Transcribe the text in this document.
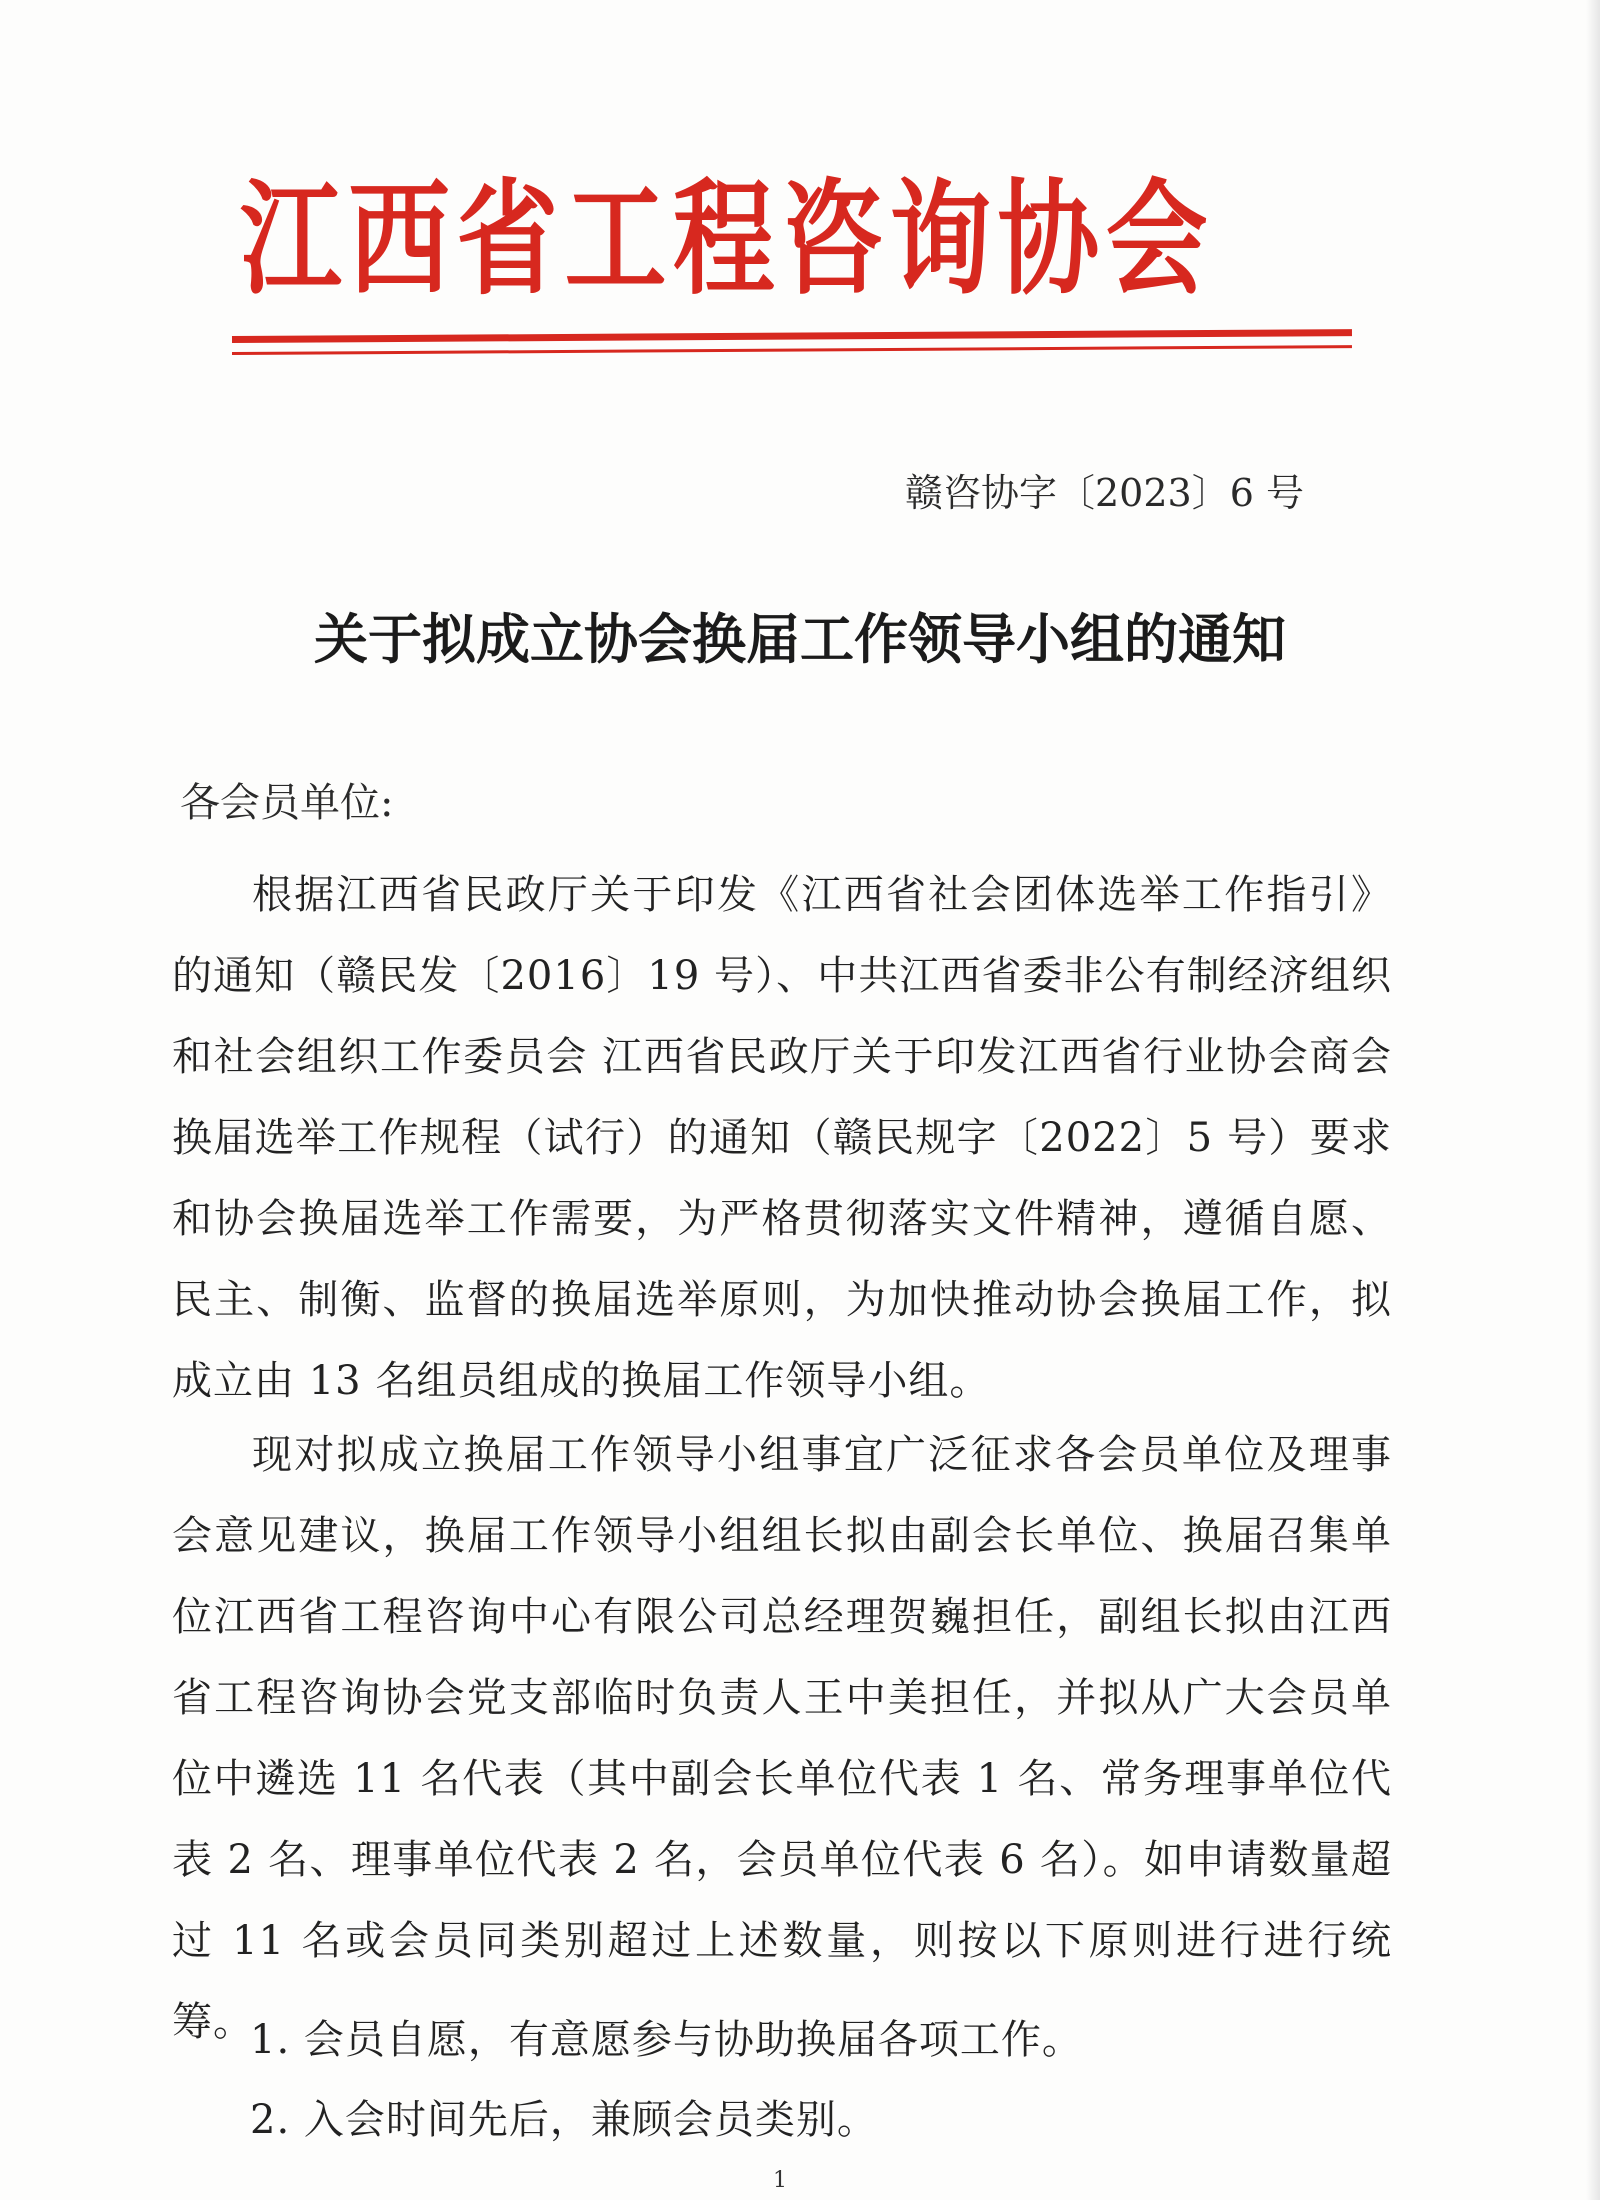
江西省工程咨询协会
赣咨协字〔2023〕6 号
关于拟成立协会换届工作领导小组的通知
各会员单位:
根据江西省民政厅关于印发《江西省社会团体选举工作指引》的通知（赣民发〔2016〕19 号）、中共江西省委非公有制经济组织和社会组织工作委员会 江西省民政厅关于印发江西省行业协会商会换届选举工作规程（试行）的通知（赣民规字〔2022〕5 号）要求和协会换届选举工作需要，为严格贯彻落实文件精神，遵循自愿、民主、制衡、监督的换届选举原则，为加快推动协会换届工作，拟成立由 13 名组员组成的换届工作领导小组。
现对拟成立换届工作领导小组事宜广泛征求各会员单位及理事会意见建议，换届工作领导小组组长拟由副会长单位、换届召集单位江西省工程咨询中心有限公司总经理贺巍担任，副组长拟由江西省工程咨询协会党支部临时负责人王中美担任，并拟从广大会员单位中遴选 11 名代表（其中副会长单位代表 1 名、常务理事单位代表 2 名、理事单位代表 2 名，会员单位代表 6 名）。如申请数量超过 11 名或会员同类别超过上述数量，则按以下原则进行进行统筹。
1. 会员自愿，有意愿参与协助换届各项工作。
2. 入会时间先后，兼顾会员类别。
1
